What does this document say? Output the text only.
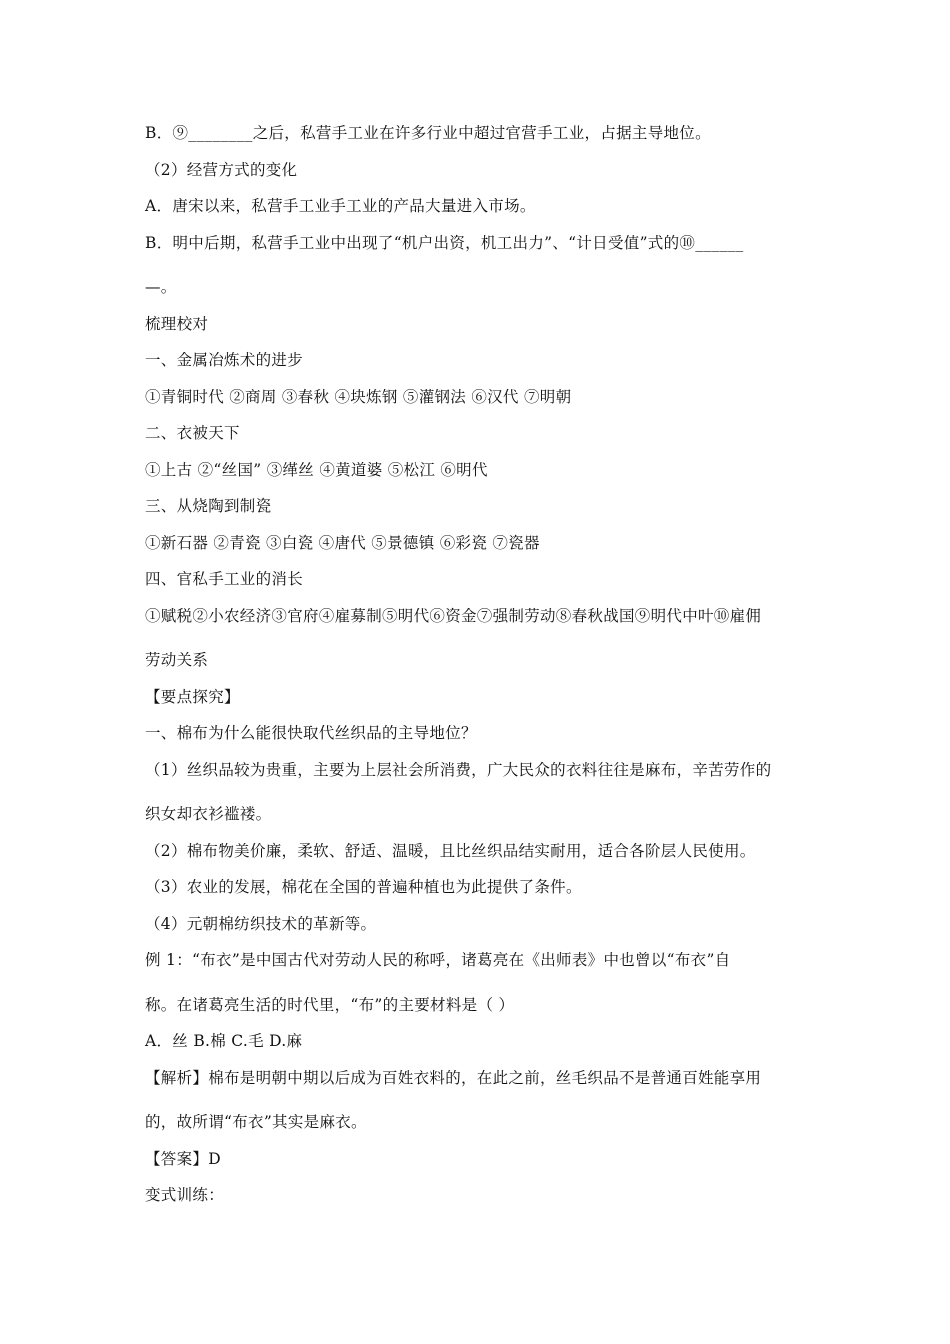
B．⑨________之后，私营手工业在许多行业中超过官营手工业，占据主导地位。
（2）经营方式的变化
A．唐宋以来，私营手工业手工业的产品大量进入市场。
B．明中后期，私营手工业中出现了“机户出资，机工出力”、“计日受值”式的⑩______
—。
梳理校对
一、金属冶炼术的进步
①青铜时代 ②商周 ③春秋 ④块炼钢 ⑤灌钢法 ⑥汉代 ⑦明朝
二、衣被天下
①上古 ②“丝国” ③缂丝 ④黄道婆 ⑤松江 ⑥明代
三、从烧陶到制瓷
①新石器 ②青瓷 ③白瓷 ④唐代 ⑤景德镇 ⑥彩瓷 ⑦瓷器
四、官私手工业的消长
①赋税②小农经济③官府④雇募制⑤明代⑥资金⑦强制劳动⑧春秋战国⑨明代中叶⑩雇佣
劳动关系
【要点探究】
一、棉布为什么能很快取代丝织品的主导地位？
（1）丝织品较为贵重，主要为上层社会所消费，广大民众的衣料往往是麻布，辛苦劳作的
织女却衣衫褴褛。
（2）棉布物美价廉，柔软、舒适、温暖，且比丝织品结实耐用，适合各阶层人民使用。
（3）农业的发展，棉花在全国的普遍种植也为此提供了条件。
（4）元朝棉纺织技术的革新等。
例 1：“布衣”是中国古代对劳动人民的称呼，诸葛亮在《出师表》中也曾以“布衣”自
称。在诸葛亮生活的时代里，“布”的主要材料是（ ）
A．丝 B.棉 C.毛 D.麻
【解析】棉布是明朝中期以后成为百姓衣料的，在此之前，丝毛织品不是普通百姓能享用
的，故所谓“布衣”其实是麻衣。
【答案】D
变式训练：
